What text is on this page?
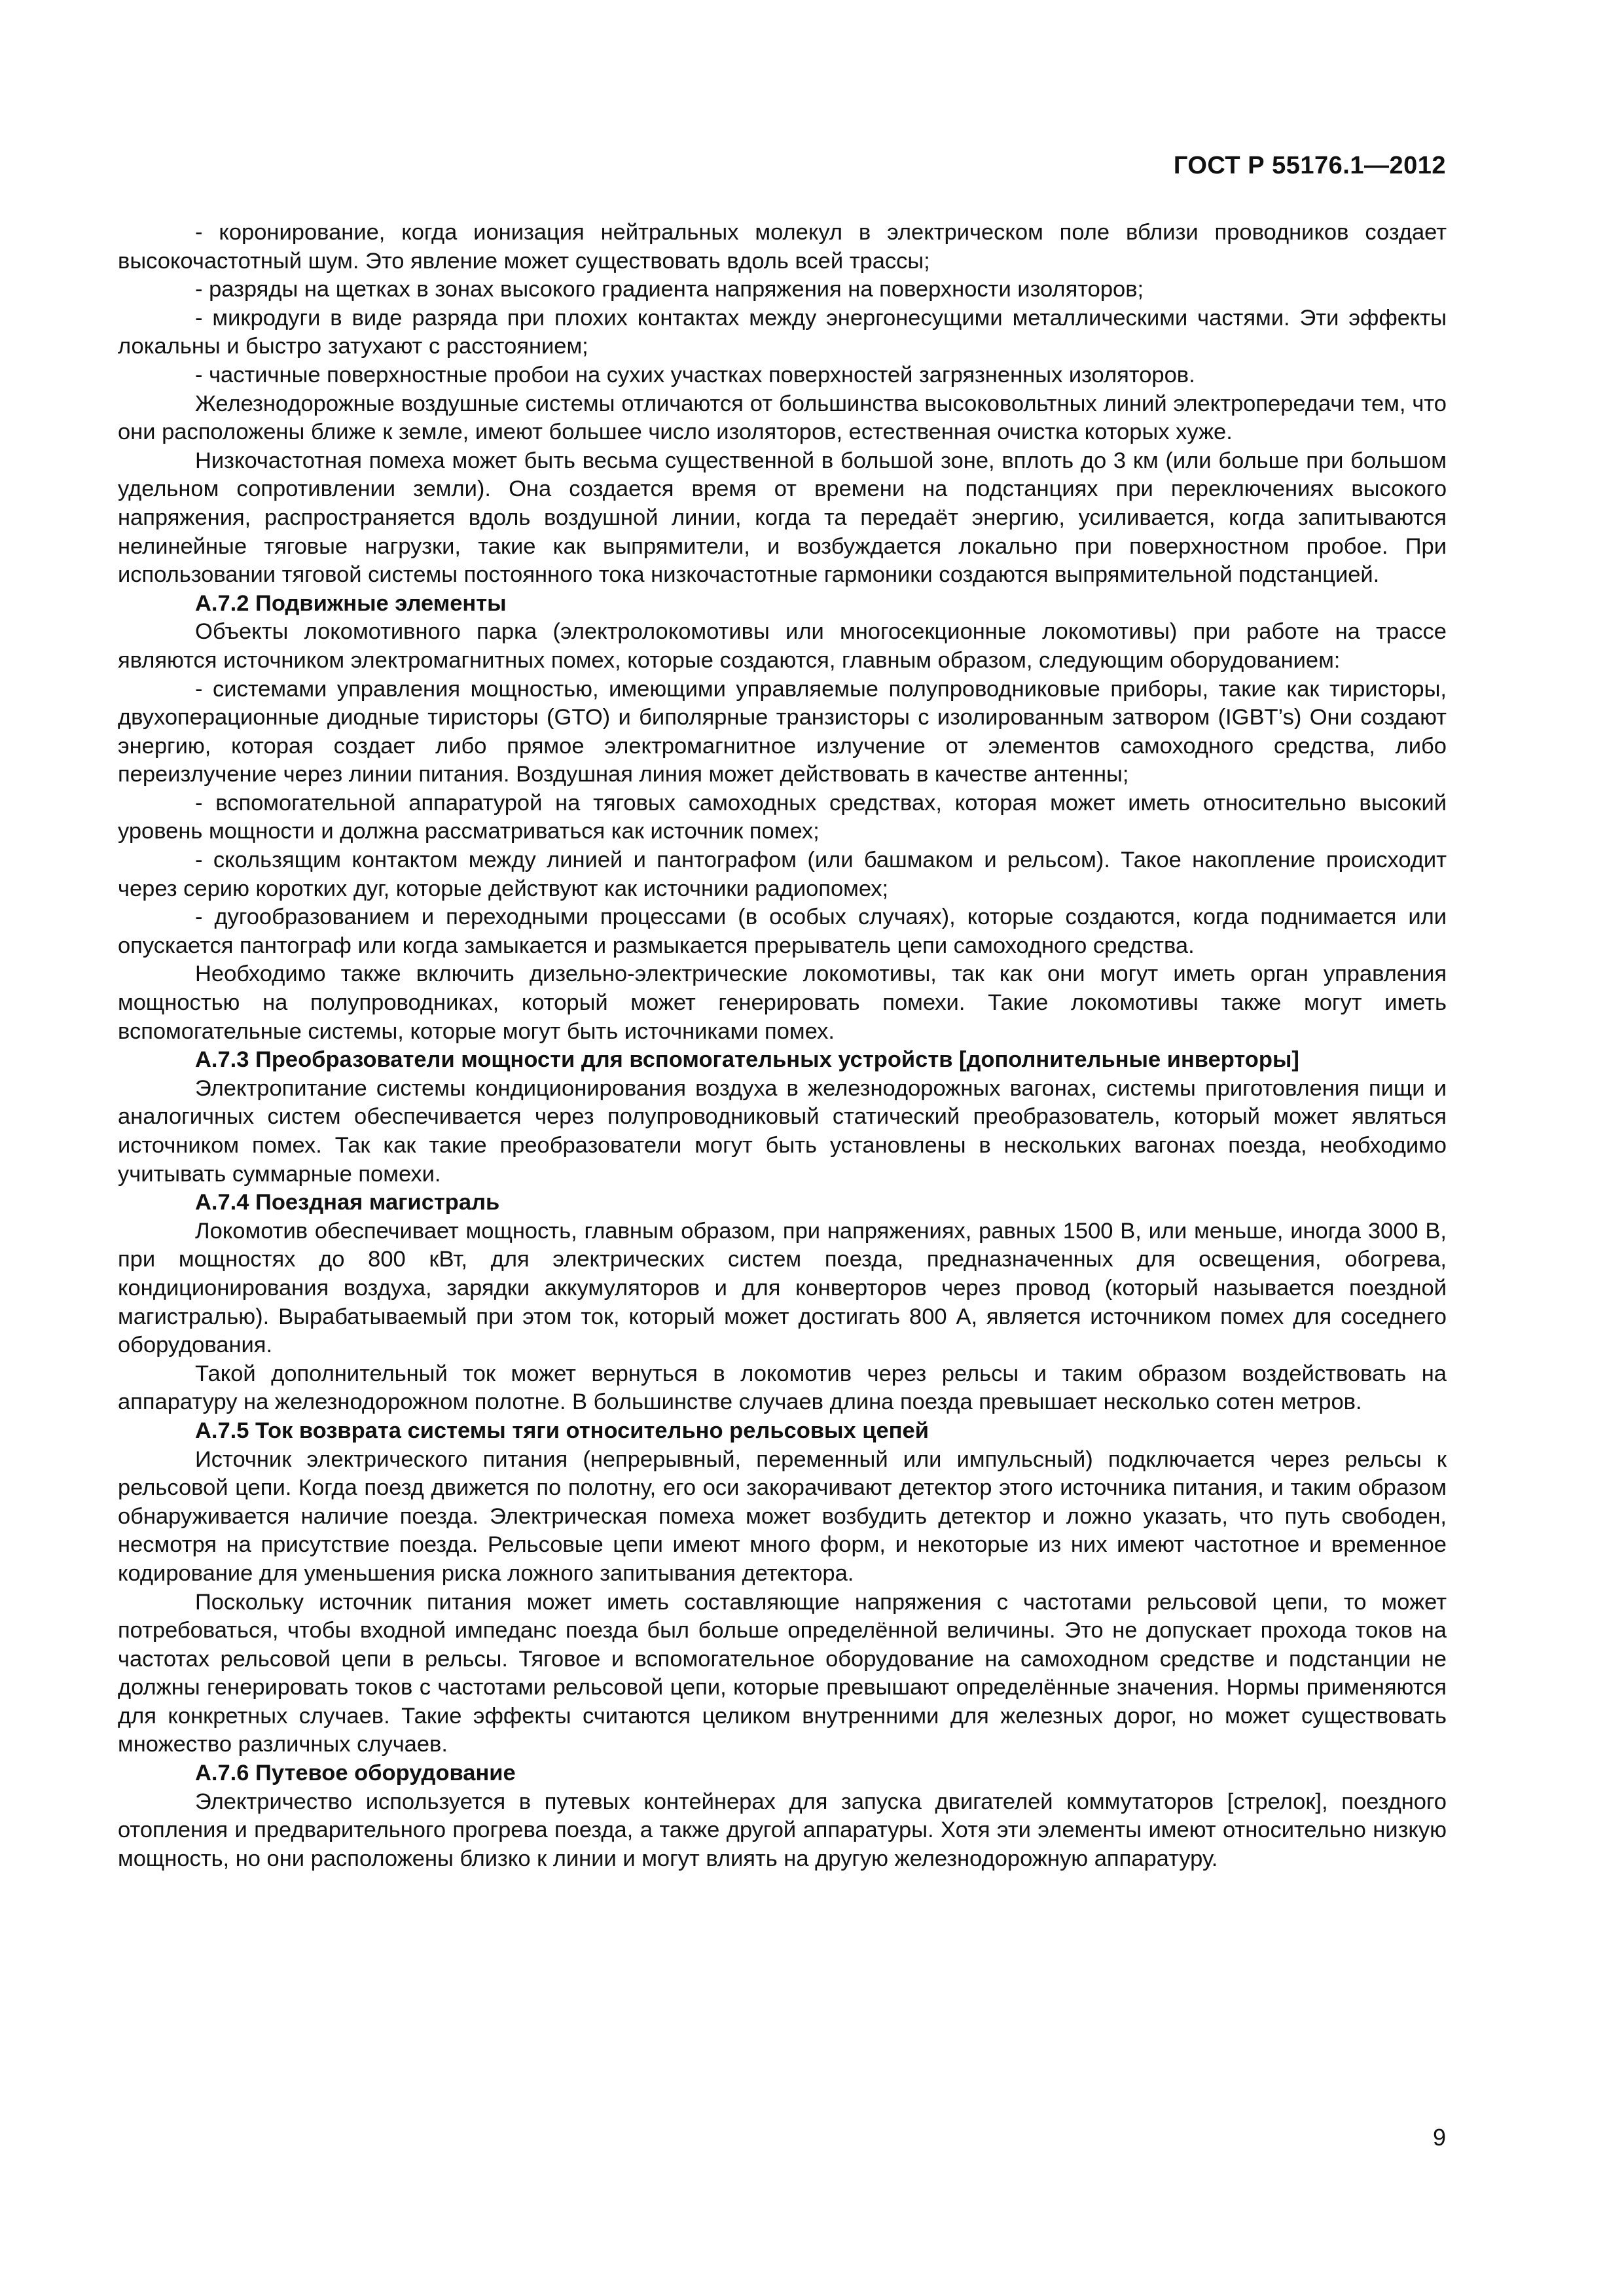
ГОСТ Р 55176.1—2012

- коронирование, когда ионизация нейтральных молекул в электрическом поле вблизи проводников создает высокочастотный шум. Это явление может существовать вдоль всей трассы;

- разряды на щетках в зонах высокого градиента напряжения на поверхности изоляторов;

- микродуги в виде разряда при плохих контактах между энергонесущими металлическими частями. Эти эффекты локальны и быстро затухают с расстоянием;

- частичные поверхностные пробои на сухих участках поверхностей загрязненных изоляторов.

Железнодорожные воздушные системы отличаются от большинства высоковольтных линий электропередачи тем, что они расположены ближе к земле, имеют большее число изоляторов, естественная очистка которых хуже.

Низкочастотная помеха может быть весьма существенной в большой зоне, вплоть до 3 км (или больше при большом удельном сопротивлении земли). Она создается время от времени на подстанциях при переключениях высокого напряжения, распространяется вдоль воздушной линии, когда та передаёт энергию, усиливается, когда запитываются нелинейные тяговые нагрузки, такие как выпрямители, и возбуждается локально при поверхностном пробое. При использовании тяговой системы постоянного тока низкочастотные гармоники создаются выпрямительной подстанцией.

А.7.2 Подвижные элементы

Объекты локомотивного парка (электролокомотивы или многосекционные локомотивы) при работе на трассе являются источником электромагнитных помех, которые создаются, главным образом, следующим оборудованием:

- системами управления мощностью, имеющими управляемые полупроводниковые приборы, такие как тиристоры, двухоперационные диодные тиристоры (GTO) и биполярные транзисторы с изолированным затвором (IGBT’s) Они создают энергию, которая создает либо прямое электромагнитное излучение от элементов самоходного средства, либо переизлучение через линии питания. Воздушная линия может действовать в качестве антенны;

- вспомогательной аппаратурой на тяговых самоходных средствах, которая может иметь относительно высокий уровень мощности и должна рассматриваться как источник помех;

- скользящим контактом между линией и пантографом (или башмаком и рельсом). Такое накопление происходит через серию коротких дуг, которые действуют как источники радиопомех;

- дугообразованием и переходными процессами (в особых случаях), которые создаются, когда поднимается или опускается пантограф или когда замыкается и размыкается прерыватель цепи самоходного средства.

Необходимо также включить дизельно-электрические локомотивы, так как они могут иметь орган управления мощностью на полупроводниках, который может генерировать помехи. Такие локомотивы также могут иметь вспомогательные системы, которые могут быть источниками помех.

А.7.3 Преобразователи мощности для вспомогательных устройств [дополнительные инверторы]

Электропитание системы кондиционирования воздуха в железнодорожных вагонах, системы приготовления пищи и аналогичных систем обеспечивается через полупроводниковый статический преобразователь, который может являться источником помех. Так как такие преобразователи могут быть установлены в нескольких вагонах поезда, необходимо учитывать суммарные помехи.

А.7.4 Поездная магистраль

Локомотив обеспечивает мощность, главным образом, при напряжениях, равных 1500 В, или меньше, иногда 3000 В, при мощностях до 800 кВт, для электрических систем поезда, предназначенных для освещения, обогрева, кондиционирования воздуха, зарядки аккумуляторов и для конверторов через провод (который называется поездной магистралью). Вырабатываемый при этом ток, который может достигать 800 А, является источником помех для соседнего оборудования.

Такой дополнительный ток может вернуться в локомотив через рельсы и таким образом воздействовать на аппаратуру на железнодорожном полотне. В большинстве случаев длина поезда превышает несколько сотен метров.

А.7.5 Ток возврата системы тяги относительно рельсовых цепей

Источник электрического питания (непрерывный, переменный или импульсный) подключается через рельсы к рельсовой цепи. Когда поезд движется по полотну, его оси закорачивают детектор этого источника питания, и таким образом обнаруживается наличие поезда. Электрическая помеха может возбудить детектор и ложно указать, что путь свободен, несмотря на присутствие поезда. Рельсовые цепи имеют много форм, и некоторые из них имеют частотное и временное кодирование для уменьшения риска ложного запитывания детектора.

Поскольку источник питания может иметь составляющие напряжения с частотами рельсовой цепи, то может потребоваться, чтобы входной импеданс поезда был больше определённой величины. Это не допускает прохода токов на частотах рельсовой цепи в рельсы. Тяговое и вспомогательное оборудование на самоходном средстве и подстанции не должны генерировать токов с частотами рельсовой цепи, которые превышают определённые значения. Нормы применяются для конкретных случаев. Такие эффекты считаются целиком внутренними для железных дорог, но может существовать множество различных случаев.

А.7.6 Путевое оборудование

Электричество используется в путевых контейнерах для запуска двигателей коммутаторов [стрелок], поездного отопления и предварительного прогрева поезда, а также другой аппаратуры. Хотя эти элементы имеют относительно низкую мощность, но они расположены близко к линии и могут влиять на другую железнодорожную аппаратуру.

9
